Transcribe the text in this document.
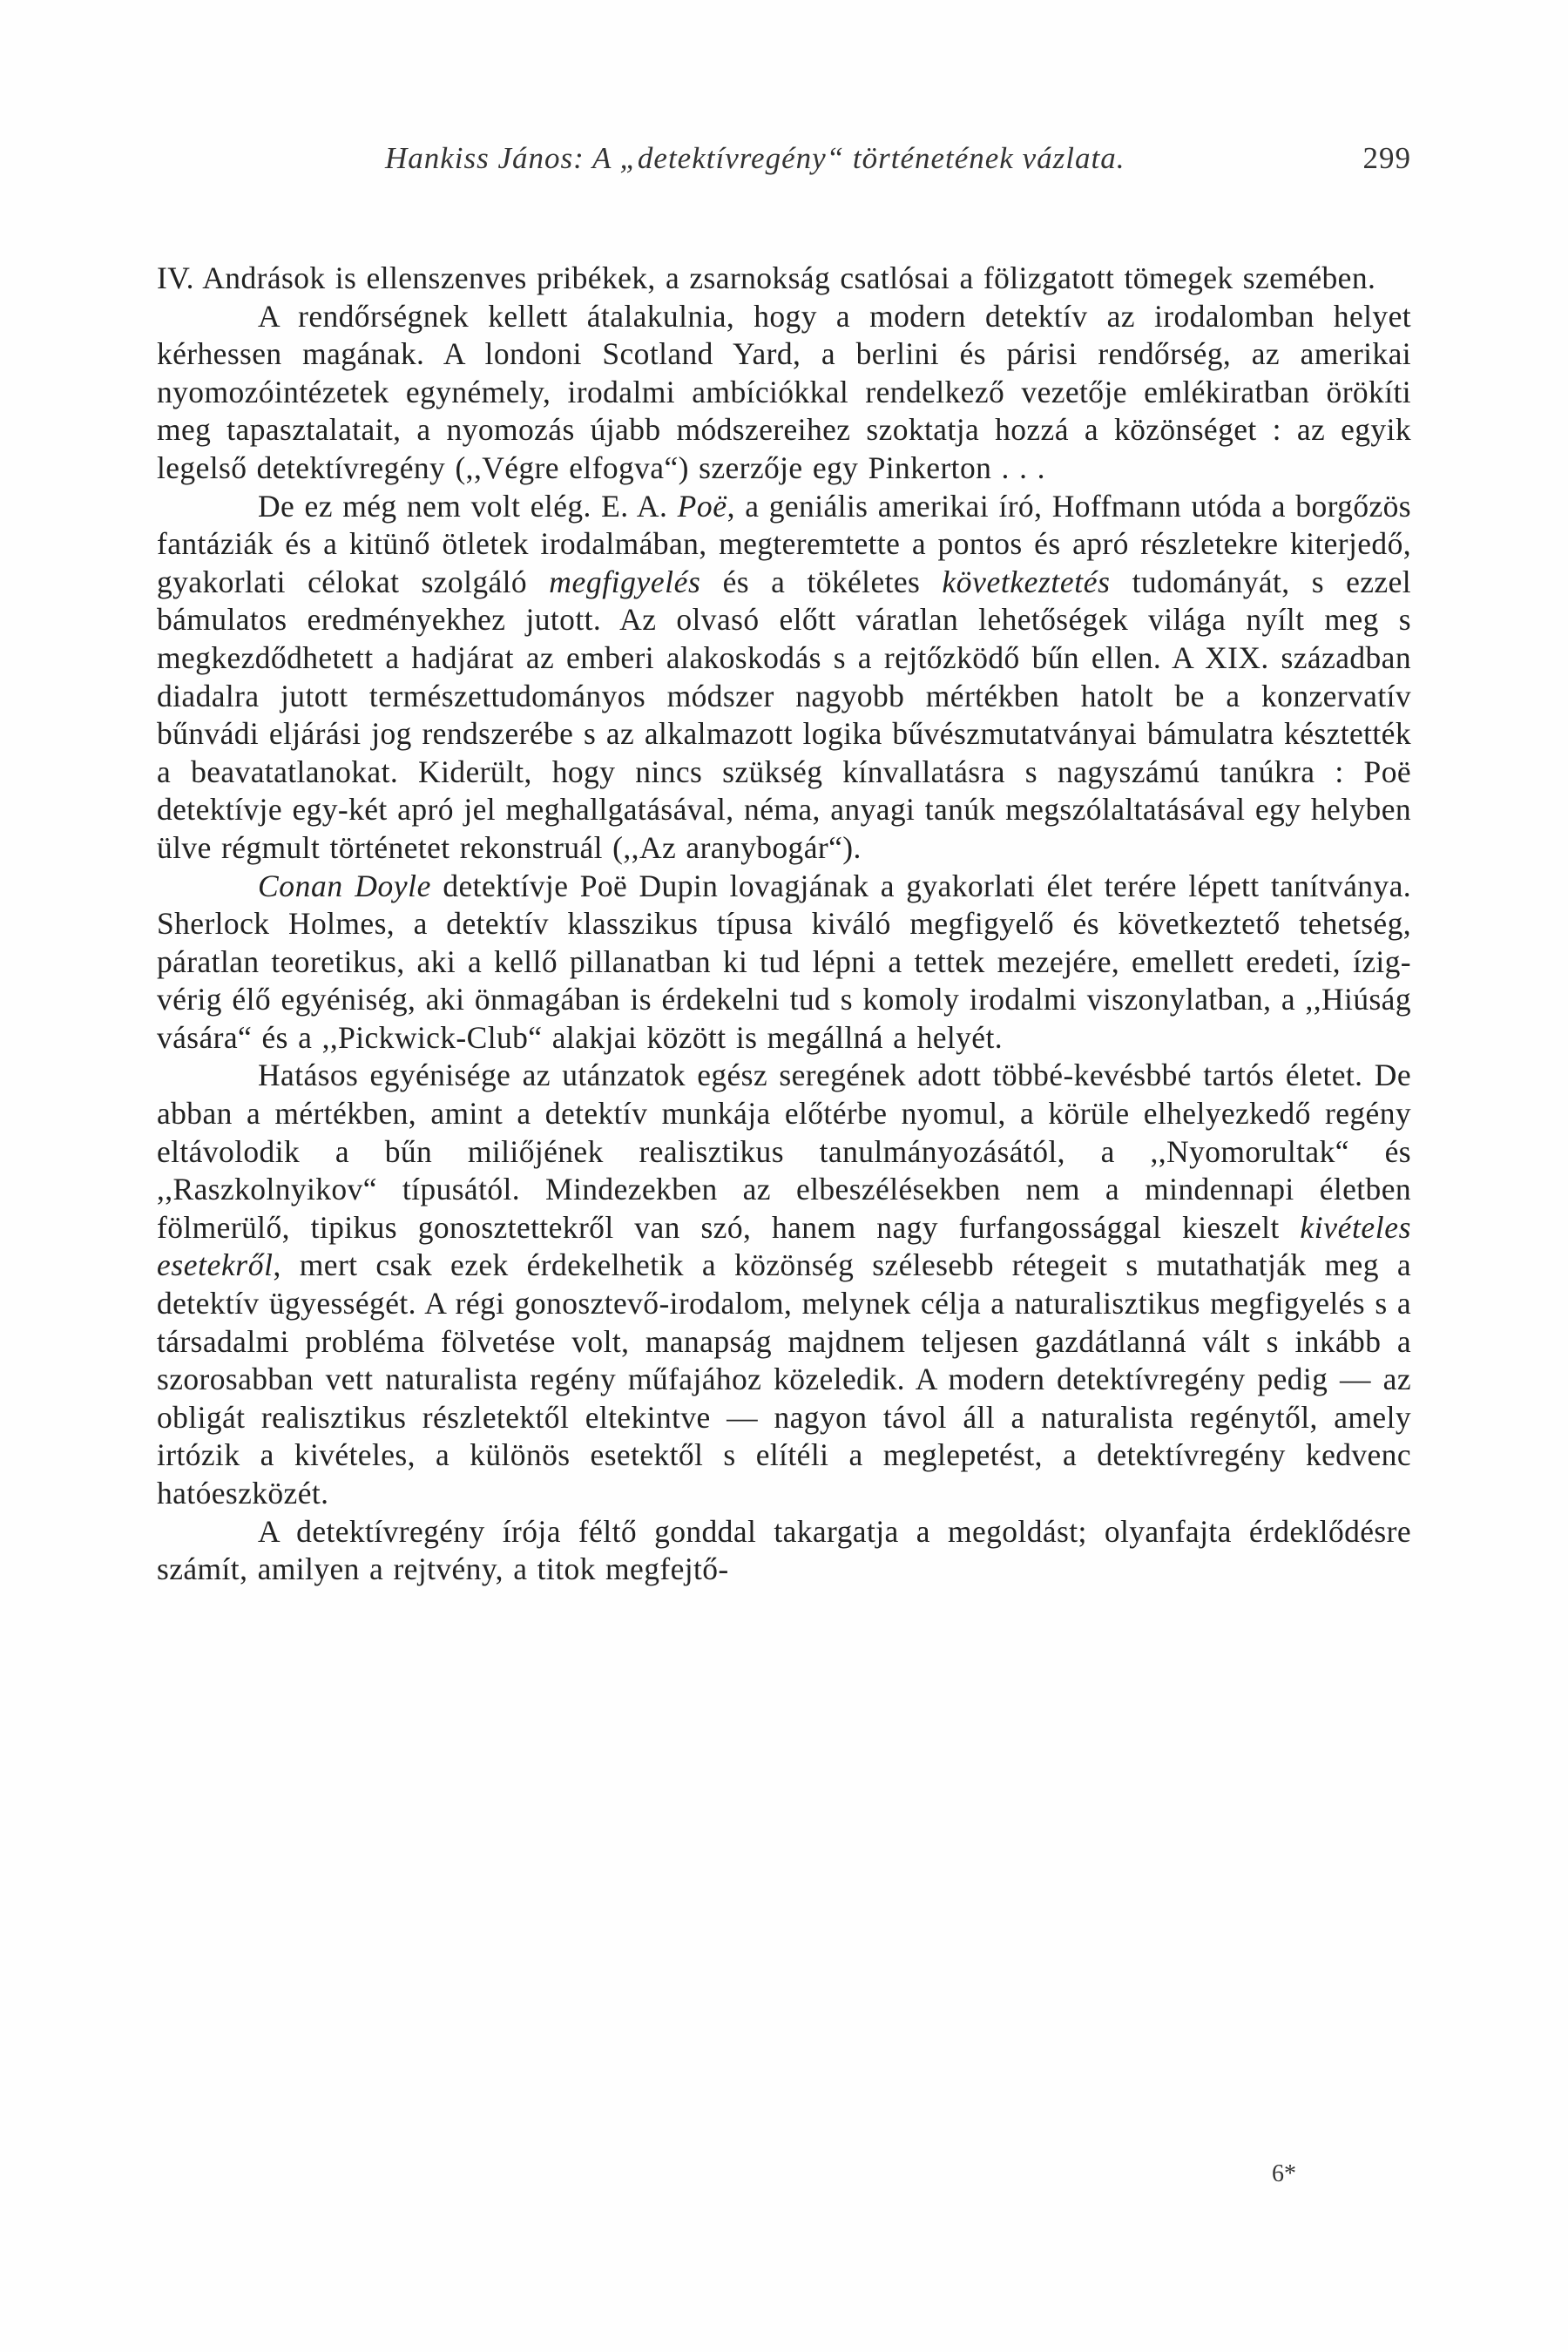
Hankiss János: A „detektívregény“ történetének vázlata.	299

IV. Andrások is ellenszenves pribékek, a zsarnokság csatlósai a fölizgatott tömegek szemében.

A rendőrségnek kellett átalakulnia, hogy a modern detektív az irodalomban helyet kérhessen magának. A londoni Scotland Yard, a berlini és párisi rendőrség, az amerikai nyomozóintézetek egynémely, irodalmi ambíciókkal rendelkező vezetője emlékiratban örökíti meg tapasztalatait, a nyomozás újabb módszereihez szoktatja hozzá a közönséget : az egyik legelső detektívregény (,,Végre elfogva“) szerzője egy Pinkerton . . .

De ez még nem volt elég. E. A. Poë, a geniális amerikai író, Hoffmann utóda a borgőzös fantáziák és a kitünő ötletek irodalmában, megteremtette a pontos és apró részletekre kiterjedő, gyakorlati célokat szolgáló megfigyelés és a tökéletes következtetés tudományát, s ezzel bámulatos eredményekhez jutott. Az olvasó előtt váratlan lehetőségek világa nyílt meg s megkezdődhetett a hadjárat az emberi alakoskodás s a rejtőzködő bűn ellen. A XIX. században diadalra jutott természettudományos módszer nagyobb mértékben hatolt be a konzervatív bűnvádi eljárási jog rendszerébe s az alkalmazott logika bűvészmutatványai bámulatra késztették a beavatatlanokat. Kiderült, hogy nincs szükség kínvallatásra s nagyszámú tanúkra : Poë detektívje egy-két apró jel meghallgatásával, néma, anyagi tanúk megszólaltatásával egy helyben ülve régmult történetet rekonstruál (,,Az aranybogár“).

Conan Doyle detektívje Poë Dupin lovagjának a gyakorlati élet terére lépett tanítványa. Sherlock Holmes, a detektív klasszikus típusa kiváló megfigyelő és következtető tehetség, páratlan teoretikus, aki a kellő pillanatban ki tud lépni a tettek mezejére, emellett eredeti, ízig-vérig élő egyéniség, aki önmagában is érdekelni tud s komoly irodalmi viszonylatban, a ,,Hiúság vására“ és a ,,Pickwick-Club“ alakjai között is megállná a helyét.

Hatásos egyénisége az utánzatok egész seregének adott többé-kevésbbé tartós életet. De abban a mértékben, amint a detektív munkája előtérbe nyomul, a körüle elhelyezkedő regény eltávolodik a bűn miliőjének realisztikus tanulmányozásától, a ,,Nyomorultak“ és ,,Raszkolnyikov“ típusától. Mindezekben az elbeszélésekben nem a mindennapi életben fölmerülő, tipikus gonosztettekről van szó, hanem nagy furfangossággal kieszelt kivételes esetekről, mert csak ezek érdekelhetik a közönség szélesebb rétegeit s mutathatják meg a detektív ügyességét. A régi gonosztevő-irodalom, melynek célja a naturalisztikus megfigyelés s a társadalmi probléma fölvetése volt, manapság majdnem teljesen gazdátlanná vált s inkább a szorosabban vett naturalista regény műfajához közeledik. A modern detektívregény pedig — az obligát realisztikus részletektől eltekintve — nagyon távol áll a naturalista regénytől, amely irtózik a kivételes, a különös esetektől s elítéli a meglepetést, a detektívregény kedvenc hatóeszközét.

A detektívregény írója féltő gonddal takargatja a megoldást; olyanfajta érdeklődésre számít, amilyen a rejtvény, a titok megfejtő-

6*
